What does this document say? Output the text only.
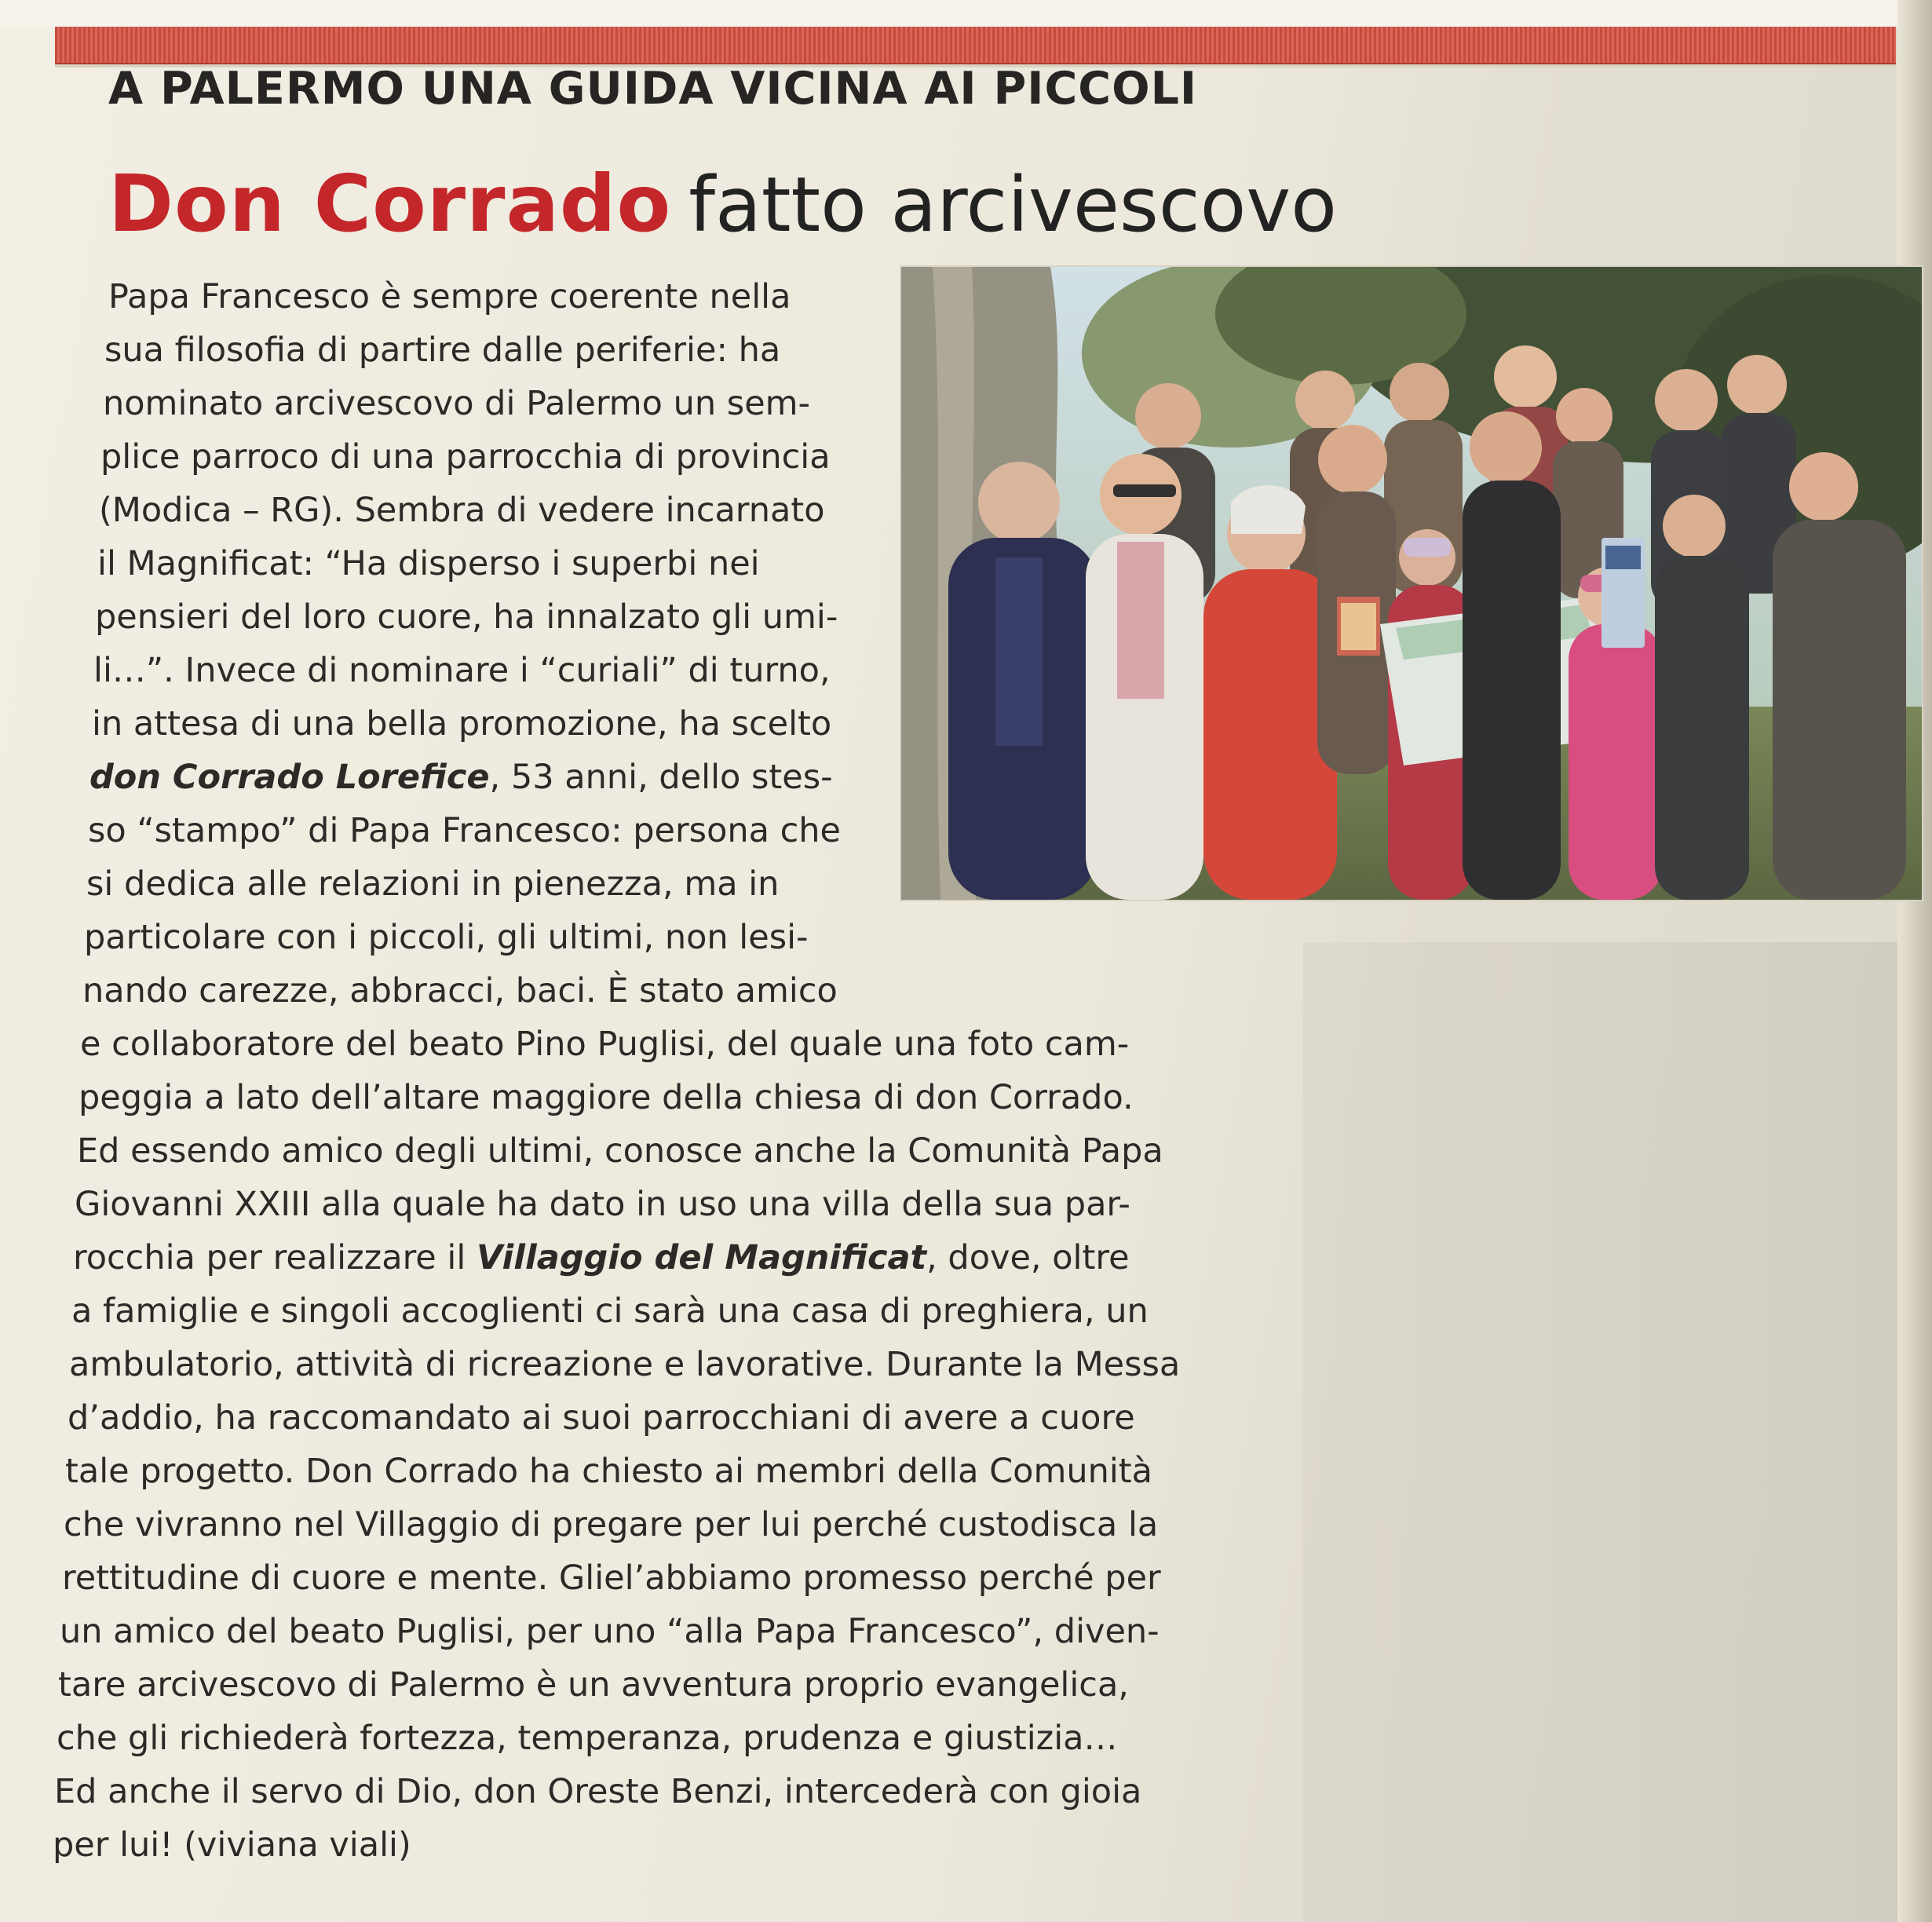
A PALERMO UNA GUIDA VICINA AI PICCOLI
Don Corrado fatto arcivescovo
Papa Francesco è sempre coerente nella
sua filosofia di partire dalle periferie: ha
nominato arcivescovo di Palermo un sem-
plice parroco di una parrocchia di provincia
(Modica – RG). Sembra di vedere incarnato
il Magnificat: “Ha disperso i superbi nei
pensieri del loro cuore, ha innalzato gli umi-
li…”. Invece di nominare i “curiali” di turno,
in attesa di una bella promozione, ha scelto
don Corrado Lorefice, 53 anni, dello stes-
so “stampo” di Papa Francesco: persona che
si dedica alle relazioni in pienezza, ma in
particolare con i piccoli, gli ultimi, non lesi-
nando carezze, abbracci, baci. È stato amico
e collaboratore del beato Pino Puglisi, del quale una foto cam-
peggia a lato dell’altare maggiore della chiesa di don Corrado.
Ed essendo amico degli ultimi, conosce anche la Comunità Papa
Giovanni XXIII alla quale ha dato in uso una villa della sua par-
rocchia per realizzare il Villaggio del Magnificat, dove, oltre
a famiglie e singoli accoglienti ci sarà una casa di preghiera, un
ambulatorio, attività di ricreazione e lavorative. Durante la Messa
d’addio, ha raccomandato ai suoi parrocchiani di avere a cuore
tale progetto. Don Corrado ha chiesto ai membri della Comunità
che vivranno nel Villaggio di pregare per lui perché custodisca la
rettitudine di cuore e mente. Gliel’abbiamo promesso perché per
un amico del beato Puglisi, per uno “alla Papa Francesco”, diven-
tare arcivescovo di Palermo è un avventura proprio evangelica,
che gli richiederà fortezza, temperanza, prudenza e giustizia…
Ed anche il servo di Dio, don Oreste Benzi, intercederà con gioia
per lui! (viviana viali)
